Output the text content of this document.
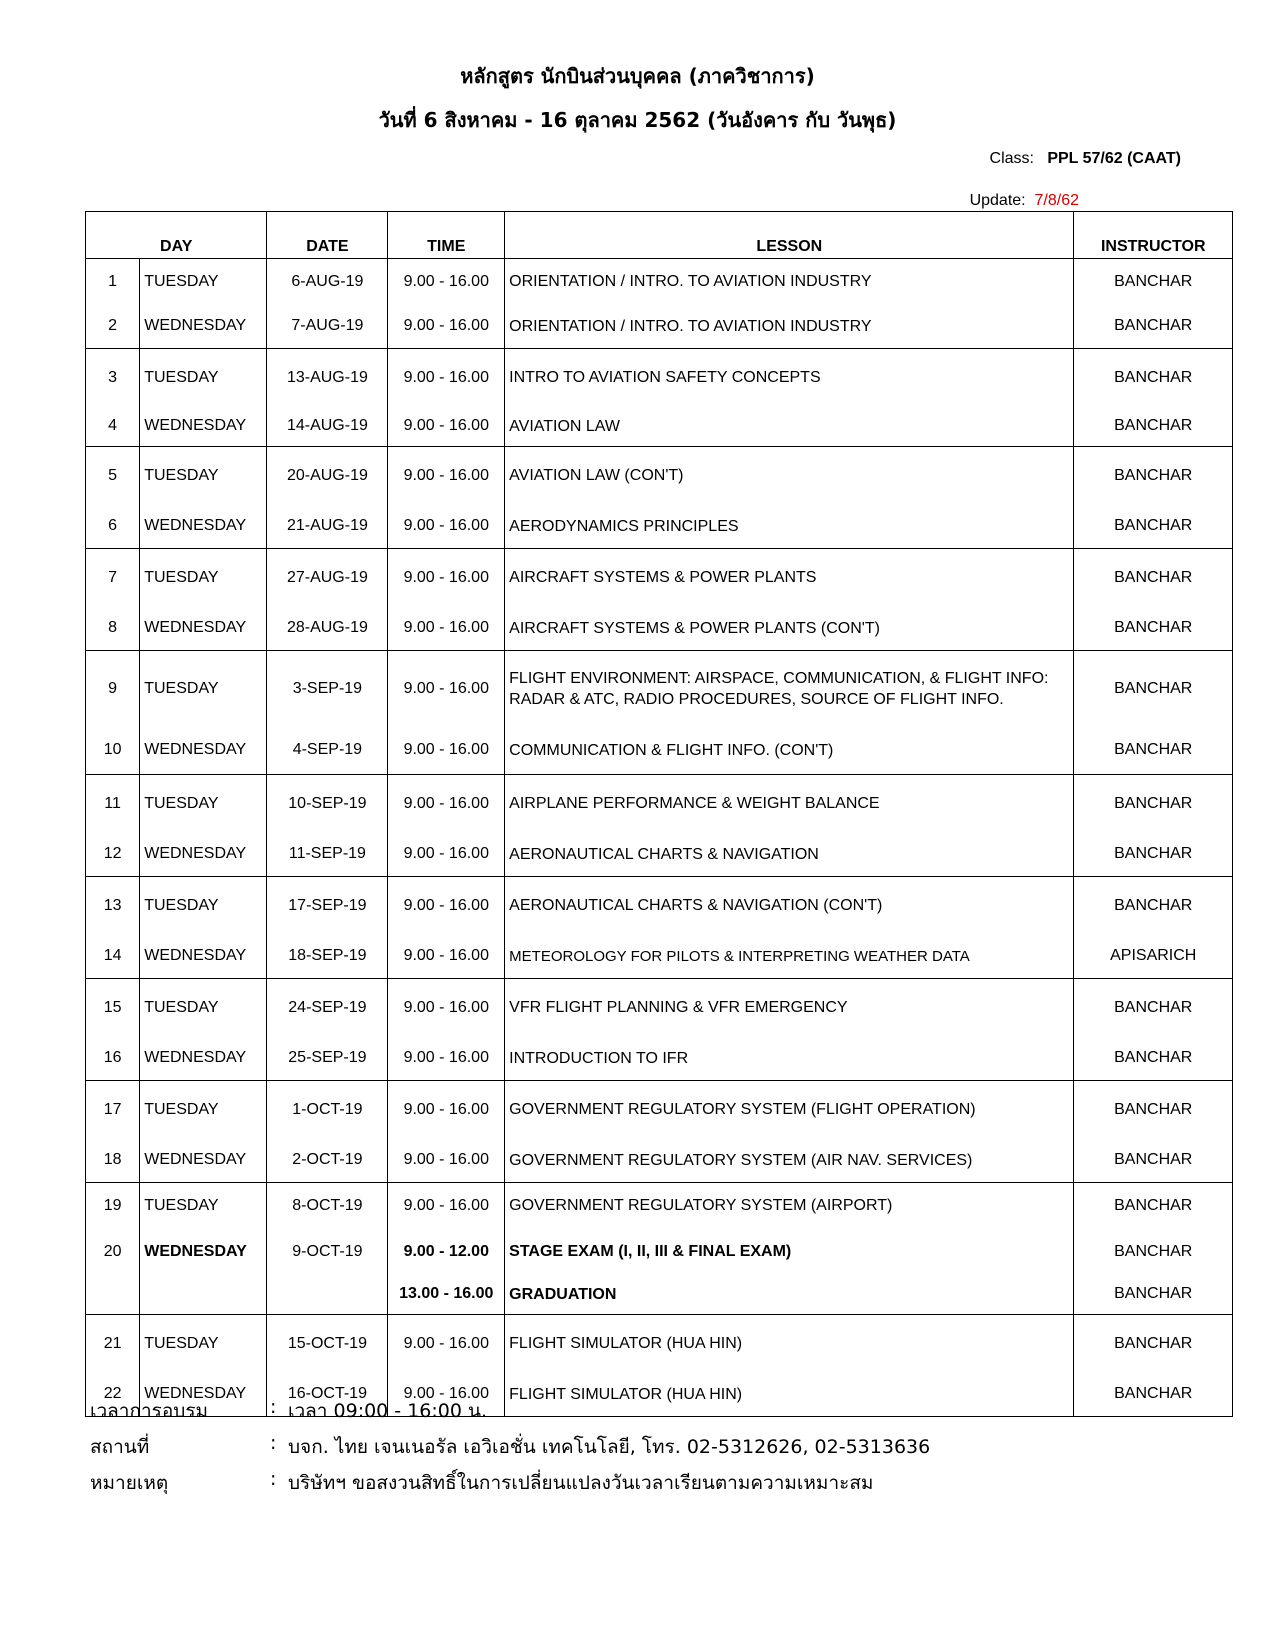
หลักสูตร นักบินส่วนบุคคล (ภาควิชาการ)
วันที่ 6 สิงหาคม - 16 ตุลาคม 2562 (วันอังคาร กับ วันพุธ)
Class: PPL 57/62 (CAAT)
Update: 7/8/62
DAY		DATE	TIME	LESSON	INSTRUCTOR
1	TUESDAY	6-AUG-19	9.00 - 16.00	ORIENTATION / INTRO. TO AVIATION INDUSTRY	BANCHAR
2	WEDNESDAY	7-AUG-19	9.00 - 16.00	ORIENTATION / INTRO. TO AVIATION INDUSTRY	BANCHAR
3	TUESDAY	13-AUG-19	9.00 - 16.00	INTRO TO AVIATION SAFETY CONCEPTS	BANCHAR
4	WEDNESDAY	14-AUG-19	9.00 - 16.00	AVIATION LAW	BANCHAR
5	TUESDAY	20-AUG-19	9.00 - 16.00	AVIATION LAW (CON'T)	BANCHAR
6	WEDNESDAY	21-AUG-19	9.00 - 16.00	AERODYNAMICS PRINCIPLES	BANCHAR
7	TUESDAY	27-AUG-19	9.00 - 16.00	AIRCRAFT SYSTEMS & POWER PLANTS	BANCHAR
8	WEDNESDAY	28-AUG-19	9.00 - 16.00	AIRCRAFT SYSTEMS & POWER PLANTS (CON'T)	BANCHAR
9	TUESDAY	3-SEP-19	9.00 - 16.00	FLIGHT ENVIRONMENT: AIRSPACE, COMMUNICATION, & FLIGHT INFO: RADAR & ATC, RADIO PROCEDURES, SOURCE OF FLIGHT INFO.	BANCHAR
10	WEDNESDAY	4-SEP-19	9.00 - 16.00	COMMUNICATION & FLIGHT INFO. (CON'T)	BANCHAR
11	TUESDAY	10-SEP-19	9.00 - 16.00	AIRPLANE PERFORMANCE & WEIGHT BALANCE	BANCHAR
12	WEDNESDAY	11-SEP-19	9.00 - 16.00	AERONAUTICAL CHARTS & NAVIGATION	BANCHAR
13	TUESDAY	17-SEP-19	9.00 - 16.00	AERONAUTICAL CHARTS & NAVIGATION (CON'T)	BANCHAR
14	WEDNESDAY	18-SEP-19	9.00 - 16.00	METEOROLOGY FOR PILOTS & INTERPRETING WEATHER DATA	APISARICH
15	TUESDAY	24-SEP-19	9.00 - 16.00	VFR FLIGHT PLANNING & VFR EMERGENCY	BANCHAR
16	WEDNESDAY	25-SEP-19	9.00 - 16.00	INTRODUCTION TO IFR	BANCHAR
17	TUESDAY	1-OCT-19	9.00 - 16.00	GOVERNMENT REGULATORY SYSTEM (FLIGHT OPERATION)	BANCHAR
18	WEDNESDAY	2-OCT-19	9.00 - 16.00	GOVERNMENT REGULATORY SYSTEM (AIR NAV. SERVICES)	BANCHAR
19	TUESDAY	8-OCT-19	9.00 - 16.00	GOVERNMENT REGULATORY SYSTEM (AIRPORT)	BANCHAR
20	WEDNESDAY	9-OCT-19	9.00 - 12.00	STAGE EXAM (I, II, III & FINAL EXAM)	BANCHAR
			13.00 - 16.00	GRADUATION	BANCHAR
21	TUESDAY	15-OCT-19	9.00 - 16.00	FLIGHT SIMULATOR (HUA HIN)	BANCHAR
22	WEDNESDAY	16-OCT-19	9.00 - 16.00	FLIGHT SIMULATOR (HUA HIN)	BANCHAR
เวลาการอบรม	: เวลา 09:00 - 16:00 น.
สถานที่	: บจก. ไทย เจนเนอรัล เอวิเอชั่น เทคโนโลยี, โทร. 02-5312626, 02-5313636
หมายเหตุ	: บริษัทฯ ขอสงวนสิทธิ์ในการเปลี่ยนแปลงวันเวลาเรียนตามความเหมาะสม
